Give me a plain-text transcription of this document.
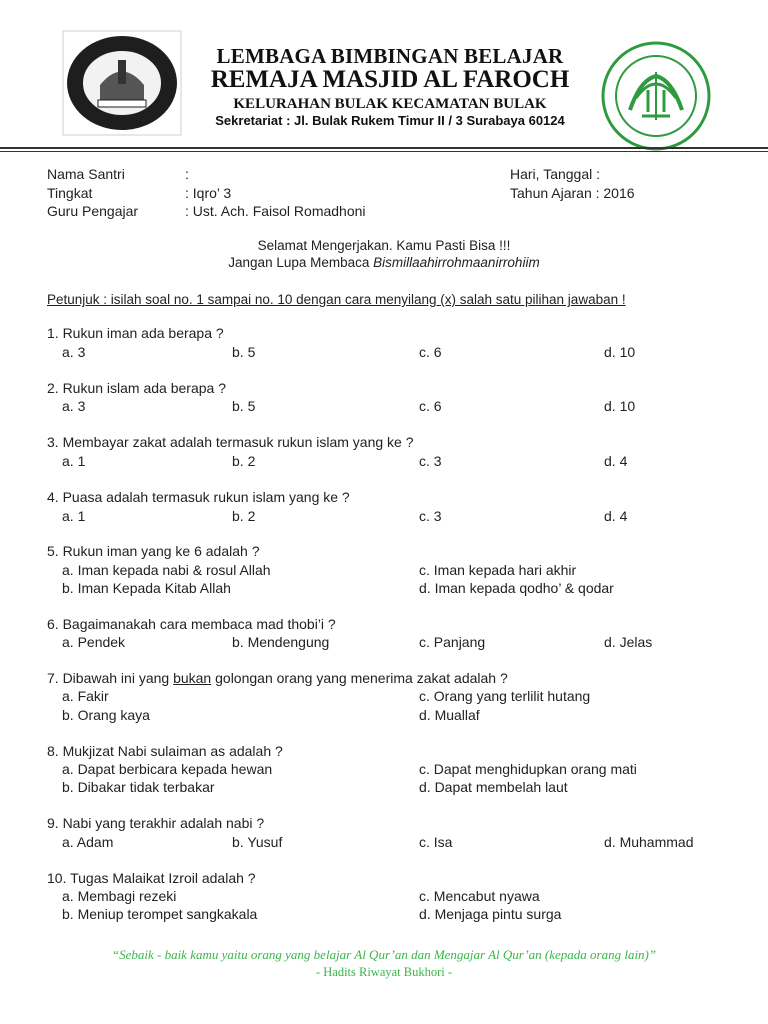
LEMBAGA BIMBINGAN BELAJAR
REMAJA MASJID AL FAROCH
KELURAHAN BULAK KECAMATAN BULAK
Sekretariat : Jl. Bulak Rukem Timur II / 3 Surabaya 60124
Nama Santri	:
Tingkat	: Iqro’ 3
Guru Pengajar	: Ust. Ach. Faisol Romadhoni
Hari, Tanggal :
Tahun Ajaran : 2016
Selamat Mengerjakan. Kamu Pasti Bisa !!!
Jangan Lupa Membaca Bismillaahirrohmaanirrohiim
Petunjuk : isilah soal no. 1 sampai no. 10 dengan cara menyilang (x) salah satu pilihan jawaban !
1. Rukun iman ada berapa ?
a. 3	b. 5	c. 6	d. 10
2. Rukun islam ada berapa ?
a. 3	b. 5	c. 6	d. 10
3. Membayar zakat adalah termasuk rukun islam yang ke ?
a. 1	b. 2	c. 3	d. 4
4. Puasa adalah termasuk rukun islam yang ke ?
a. 1	b. 2	c. 3	d. 4
5. Rukun iman yang ke 6 adalah ?
a. Iman kepada nabi & rosul Allah	c. Iman kepada hari akhir
b. Iman Kepada Kitab Allah	d. Iman kepada qodho’ & qodar
6. Bagaimanakah cara membaca mad thobi’i ?
a. Pendek	b. Mendengung	c. Panjang	d. Jelas
7. Dibawah ini yang bukan golongan orang yang menerima zakat adalah ?
a. Fakir	c. Orang yang terlilit hutang
b. Orang kaya	d. Muallaf
8. Mukjizat Nabi sulaiman as adalah ?
a. Dapat berbicara kepada hewan	c. Dapat menghidupkan orang mati
b. Dibakar tidak terbakar	d. Dapat membelah laut
9. Nabi yang terakhir adalah nabi ?
a. Adam	b. Yusuf	c. Isa	d. Muhammad
10. Tugas Malaikat Izroil adalah ?
a. Membagi rezeki	c. Mencabut nyawa
b. Meniup terompet sangkakala	d. Menjaga pintu surga
“Sebaik - baik kamu yaitu orang yang belajar Al Qur’an dan Mengajar Al Qur’an (kepada orang lain)”
- Hadits Riwayat Bukhori -
